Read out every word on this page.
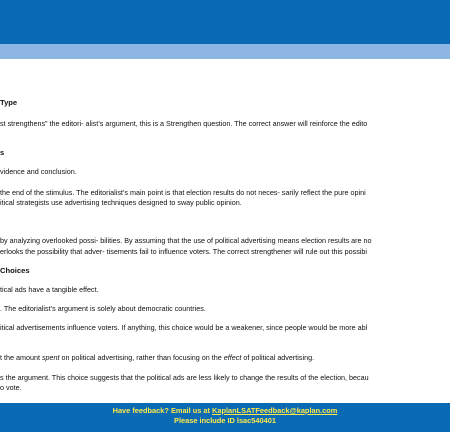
Type
st strengthens” the editori- alist’s argument, this is a Strengthen question. The correct answer will reinforce the edito
s
vidence and conclusion.
the end of the stimulus. The editorialist’s main point is that election results do not neces- sarily reflect the pure opini
itical strategists use advertising techniques designed to sway public opinion.
by analyzing overlooked possi- bilities. By assuming that the use of political advertising means election results are no
erlooks the possibility that adver- tisements fail to influence voters. The correct strengthener will rule out this possibi
Choices
tical ads have a tangible effect.
. The editorialist’s argument is solely about democratic countries.
itical advertisements influence voters. If anything, this choice would be a weakener, since people would be more abl
t the amount spent on political advertising, rather than focusing on the effect of political advertising.
s the argument. This choice suggests that the political ads are less likely to change the results of the election, becau
o vote.
Have feedback? Email us at KaplanLSATFeedback@kaplan.com
Please include ID lsac540401
